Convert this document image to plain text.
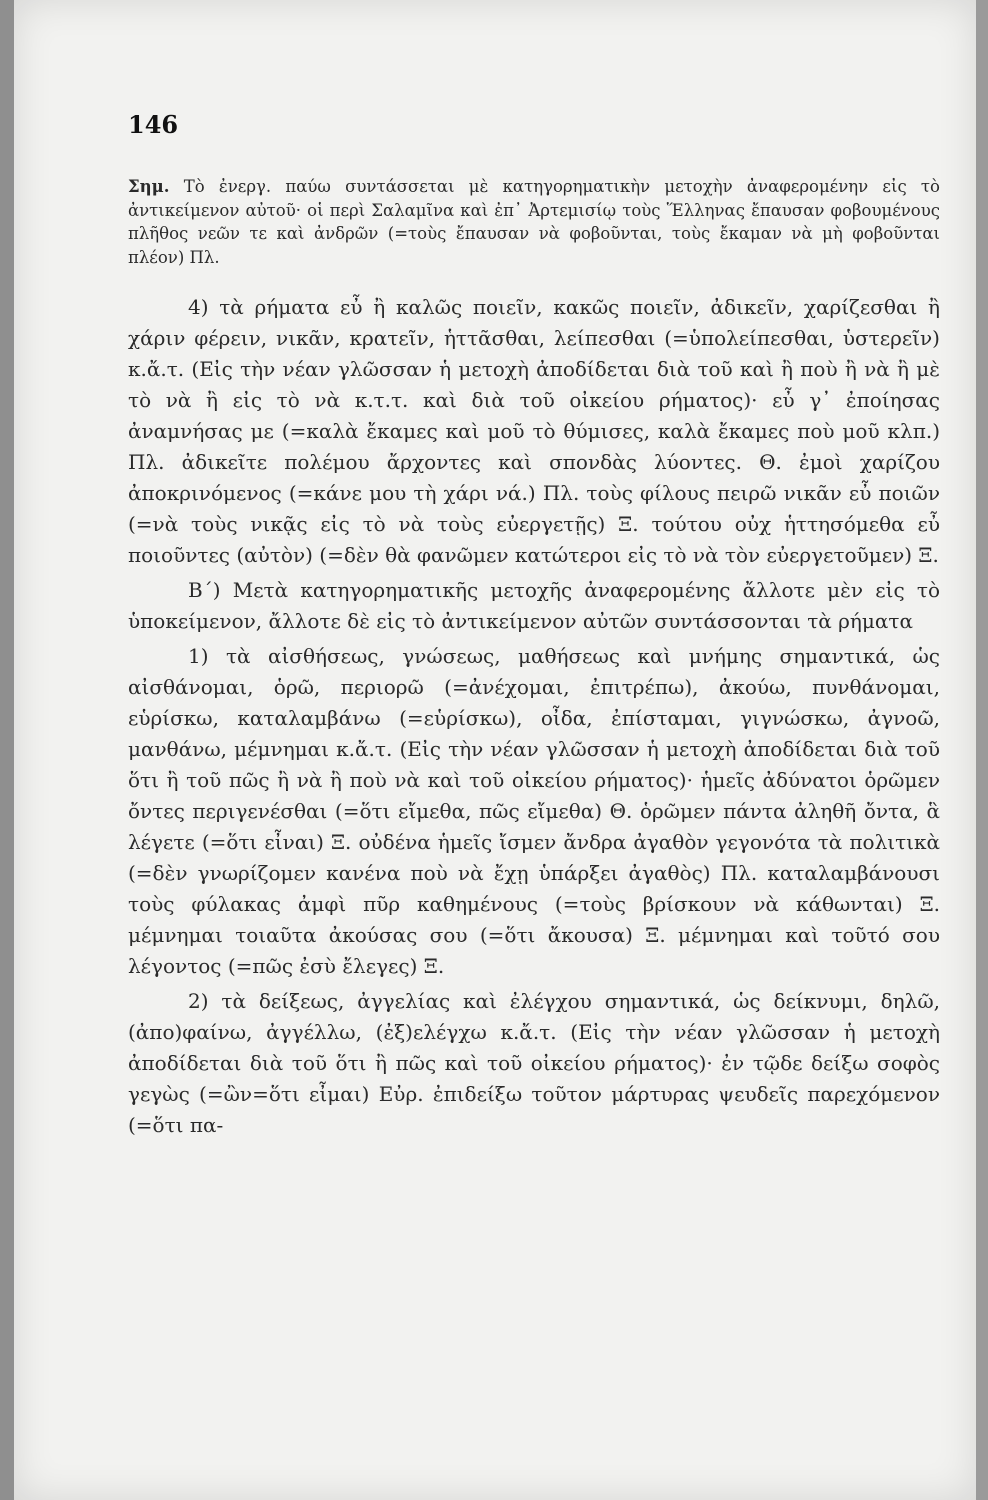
146
Σημ. Τὸ ἐνεργ. παύω συντάσσεται μὲ κατηγορηματικὴν μετοχὴν ἀναφερομένην εἰς τὸ ἀντικείμενον αὐτοῦ· οἱ περὶ Σαλαμῖνα καὶ ἐπ᾽ Ἀρτεμισίῳ τοὺς Ἕλληνας ἔπαυσαν φοβουμένους πλῆθος νεῶν τε καὶ ἀνδρῶν (=τοὺς ἔπαυσαν νὰ φοβοῦνται, τοὺς ἔκαμαν νὰ μὴ φοβοῦνται πλέον) Πλ.

4) τὰ ρήματα εὖ ἢ καλῶς ποιεῖν, κακῶς ποιεῖν, ἀδικεῖν, χαρίζεσθαι ἢ χάριν φέρειν, νικᾶν, κρατεῖν, ἡττᾶσθαι, λείπεσθαι (=ὑπολείπεσθαι, ὑστερεῖν) κ.ἄ.τ. (Εἰς τὴν νέαν γλῶσσαν ἡ μετοχὴ ἀποδίδεται διὰ τοῦ καὶ ἢ ποὺ ἢ νὰ ἢ μὲ τὸ νὰ ἢ εἰς τὸ νὰ κ.τ.τ. καὶ διὰ τοῦ οἰκείου ρήματος)· εὖ γ᾽ ἐποίησας ἀναμνήσας με (=καλὰ ἔκαμες καὶ μοῦ τὸ θύμισες, καλὰ ἔκαμες ποὺ μοῦ κλπ.) Πλ. ἀδικεῖτε πολέμου ἄρχοντες καὶ σπονδὰς λύοντες. Θ. ἐμοὶ χαρίζου ἀποκρινόμενος (=κάνε μου τὴ χάρι νά.) Πλ. τοὺς φίλους πειρῶ νικᾶν εὖ ποιῶν (=νὰ τοὺς νικᾷς εἰς τὸ νὰ τοὺς εὐεργετῇς) Ξ. τούτου οὐχ ἡττησόμεθα εὖ ποιοῦντες (αὐτὸν) (=δὲν θὰ φανῶμεν κατώτεροι εἰς τὸ νὰ τὸν εὐεργετοῦμεν) Ξ.

Β΄) Μετὰ κατηγορηματικῆς μετοχῆς ἀναφερομένης ἄλλοτε μὲν εἰς τὸ ὑποκείμενον, ἄλλοτε δὲ εἰς τὸ ἀντικείμενον αὐτῶν συντάσσονται τὰ ρήματα

1) τὰ αἰσθήσεως, γνώσεως, μαθήσεως καὶ μνήμης σημαντικά, ὡς αἰσθάνομαι, ὁρῶ, περιορῶ (=ἀνέχομαι, ἐπιτρέπω), ἀκούω, πυνθάνομαι, εὑρίσκω, καταλαμβάνω (=εὑρίσκω), οἶδα, ἐπίσταμαι, γιγνώσκω, ἀγνοῶ, μανθάνω, μέμνημαι κ.ἄ.τ. (Εἰς τὴν νέαν γλῶσσαν ἡ μετοχὴ ἀποδίδεται διὰ τοῦ ὅτι ἢ τοῦ πῶς ἢ νὰ ἢ ποὺ νὰ καὶ τοῦ οἰκείου ρήματος)· ἡμεῖς ἀδύνατοι ὁρῶμεν ὄντες περιγενέσθαι (=ὅτι εἴμεθα, πῶς εἴμεθα) Θ. ὁρῶμεν πάντα ἀληθῆ ὄντα, ἃ λέγετε (=ὅτι εἶναι) Ξ. οὐδένα ἡμεῖς ἴσμεν ἄνδρα ἀγαθὸν γεγονότα τὰ πολιτικὰ (=δὲν γνωρίζομεν κανένα ποὺ νὰ ἔχῃ ὑπάρξει ἀγαθὸς) Πλ. καταλαμβάνουσι τοὺς φύλακας ἀμφὶ πῦρ καθημένους (=τοὺς βρίσκουν νὰ κάθωνται) Ξ. μέμνημαι τοιαῦτα ἀκούσας σου (=ὅτι ἄκουσα) Ξ. μέμνημαι καὶ τοῦτό σου λέγοντος (=πῶς ἐσὺ ἔλεγες) Ξ.

2) τὰ δείξεως, ἀγγελίας καὶ ἐλέγχου σημαντικά, ὡς δείκνυμι, δηλῶ, (ἀπο)φαίνω, ἀγγέλλω, (ἐξ)ελέγχω κ.ἄ.τ. (Εἰς τὴν νέαν γλῶσσαν ἡ μετοχὴ ἀποδίδεται διὰ τοῦ ὅτι ἢ πῶς καὶ τοῦ οἰκείου ρήματος)· ἐν τῷδε δείξω σοφὸς γεγὼς (=ὢν=ὅτι εἶμαι) Εὐρ. ἐπιδείξω τοῦτον μάρτυρας ψευδεῖς παρεχόμενον (=ὅτι πα-
